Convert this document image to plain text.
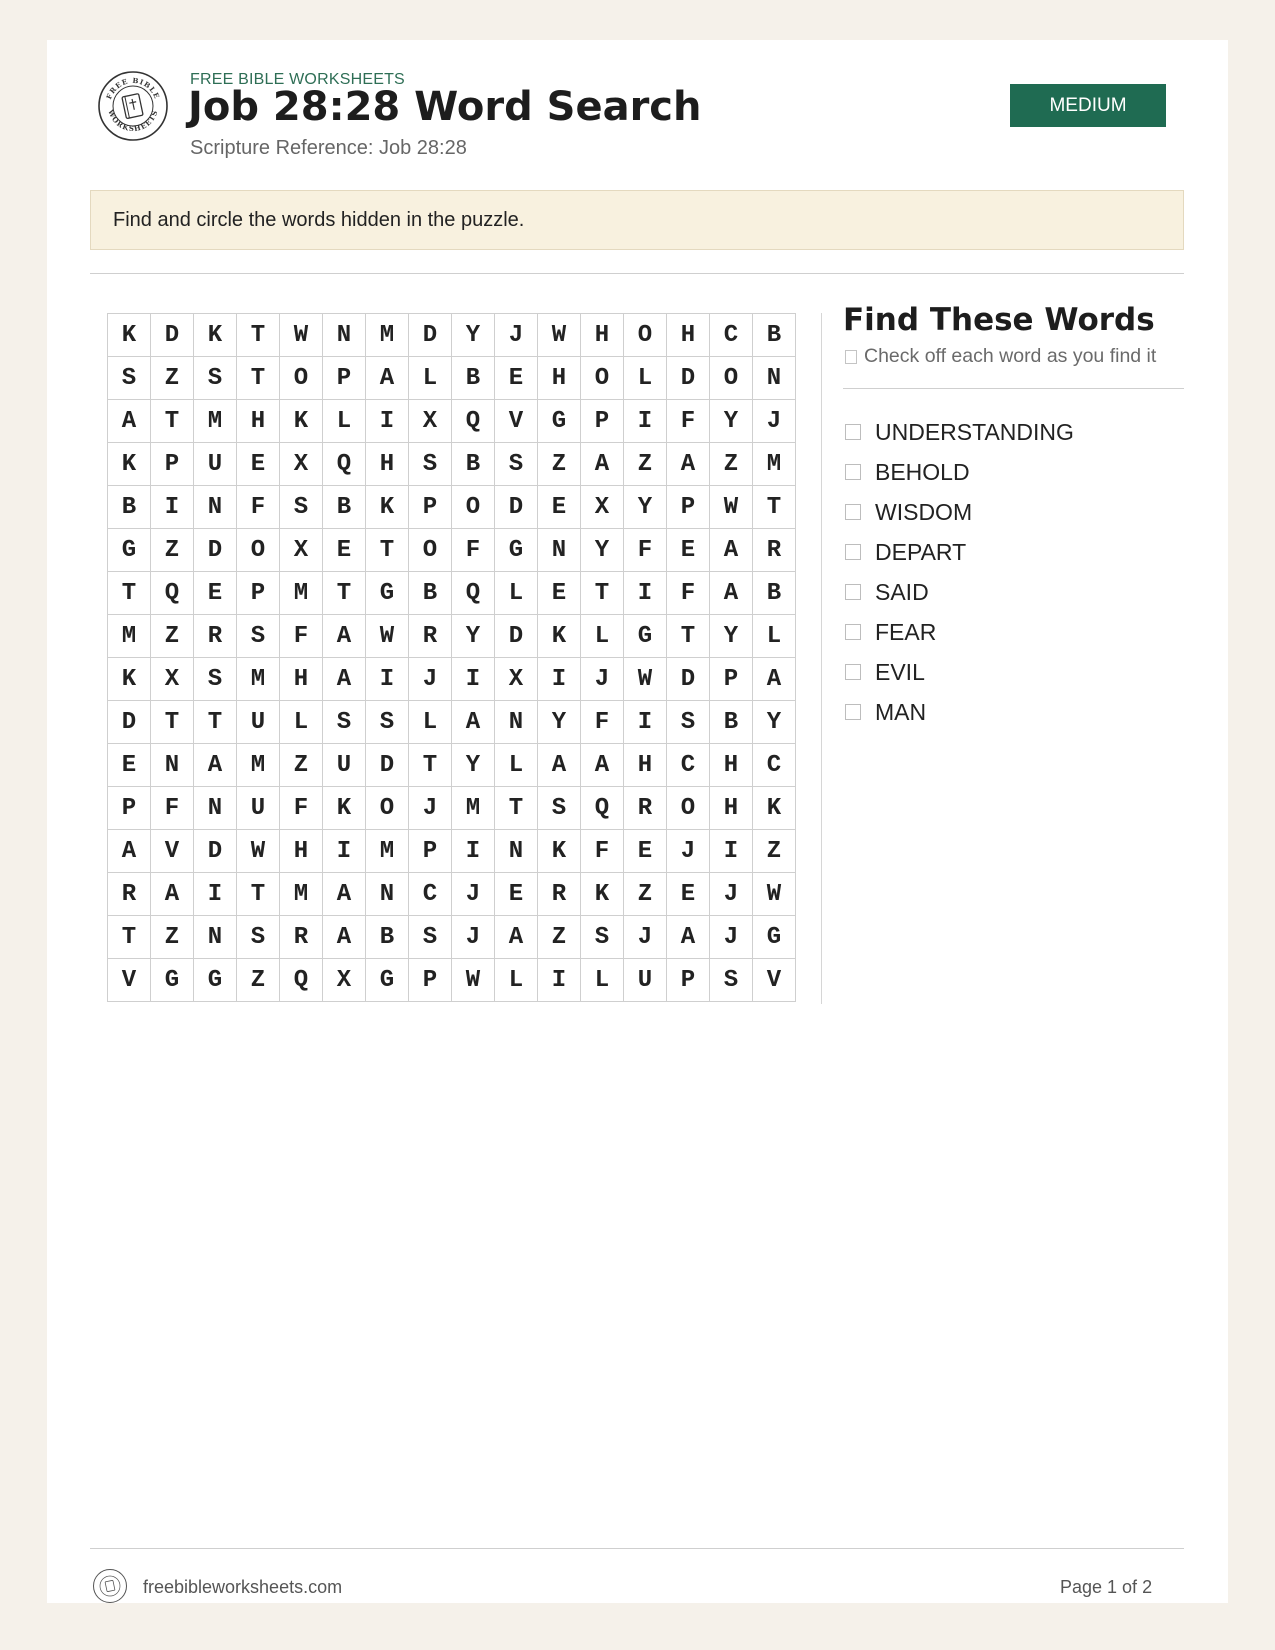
FREE BIBLE
WORKSHEETS
FREE BIBLE WORKSHEETS
Job 28:28 Word Search
Scripture Reference: Job 28:28
MEDIUM
Find and circle the words hidden in the puzzle.
K	D	K	T	W	N	M	D	Y	J	W	H	O	H	C	B
S	Z	S	T	O	P	A	L	B	E	H	O	L	D	O	N
A	T	M	H	K	L	I	X	Q	V	G	P	I	F	Y	J
K	P	U	E	X	Q	H	S	B	S	Z	A	Z	A	Z	M
B	I	N	F	S	B	K	P	O	D	E	X	Y	P	W	T
G	Z	D	O	X	E	T	O	F	G	N	Y	F	E	A	R
T	Q	E	P	M	T	G	B	Q	L	E	T	I	F	A	B
M	Z	R	S	F	A	W	R	Y	D	K	L	G	T	Y	L
K	X	S	M	H	A	I	J	I	X	I	J	W	D	P	A
D	T	T	U	L	S	S	L	A	N	Y	F	I	S	B	Y
E	N	A	M	Z	U	D	T	Y	L	A	A	H	C	H	C
P	F	N	U	F	K	O	J	M	T	S	Q	R	O	H	K
A	V	D	W	H	I	M	P	I	N	K	F	E	J	I	Z
R	A	I	T	M	A	N	C	J	E	R	K	Z	E	J	W
T	Z	N	S	R	A	B	S	J	A	Z	S	J	A	J	G
V	G	G	Z	Q	X	G	P	W	L	I	L	U	P	S	V
Find These Words
Check off each word as you find it
UNDERSTANDING
BEHOLD
WISDOM
DEPART
SAID
FEAR
EVIL
MAN
freebibleworksheets.com	Page 1 of 2
